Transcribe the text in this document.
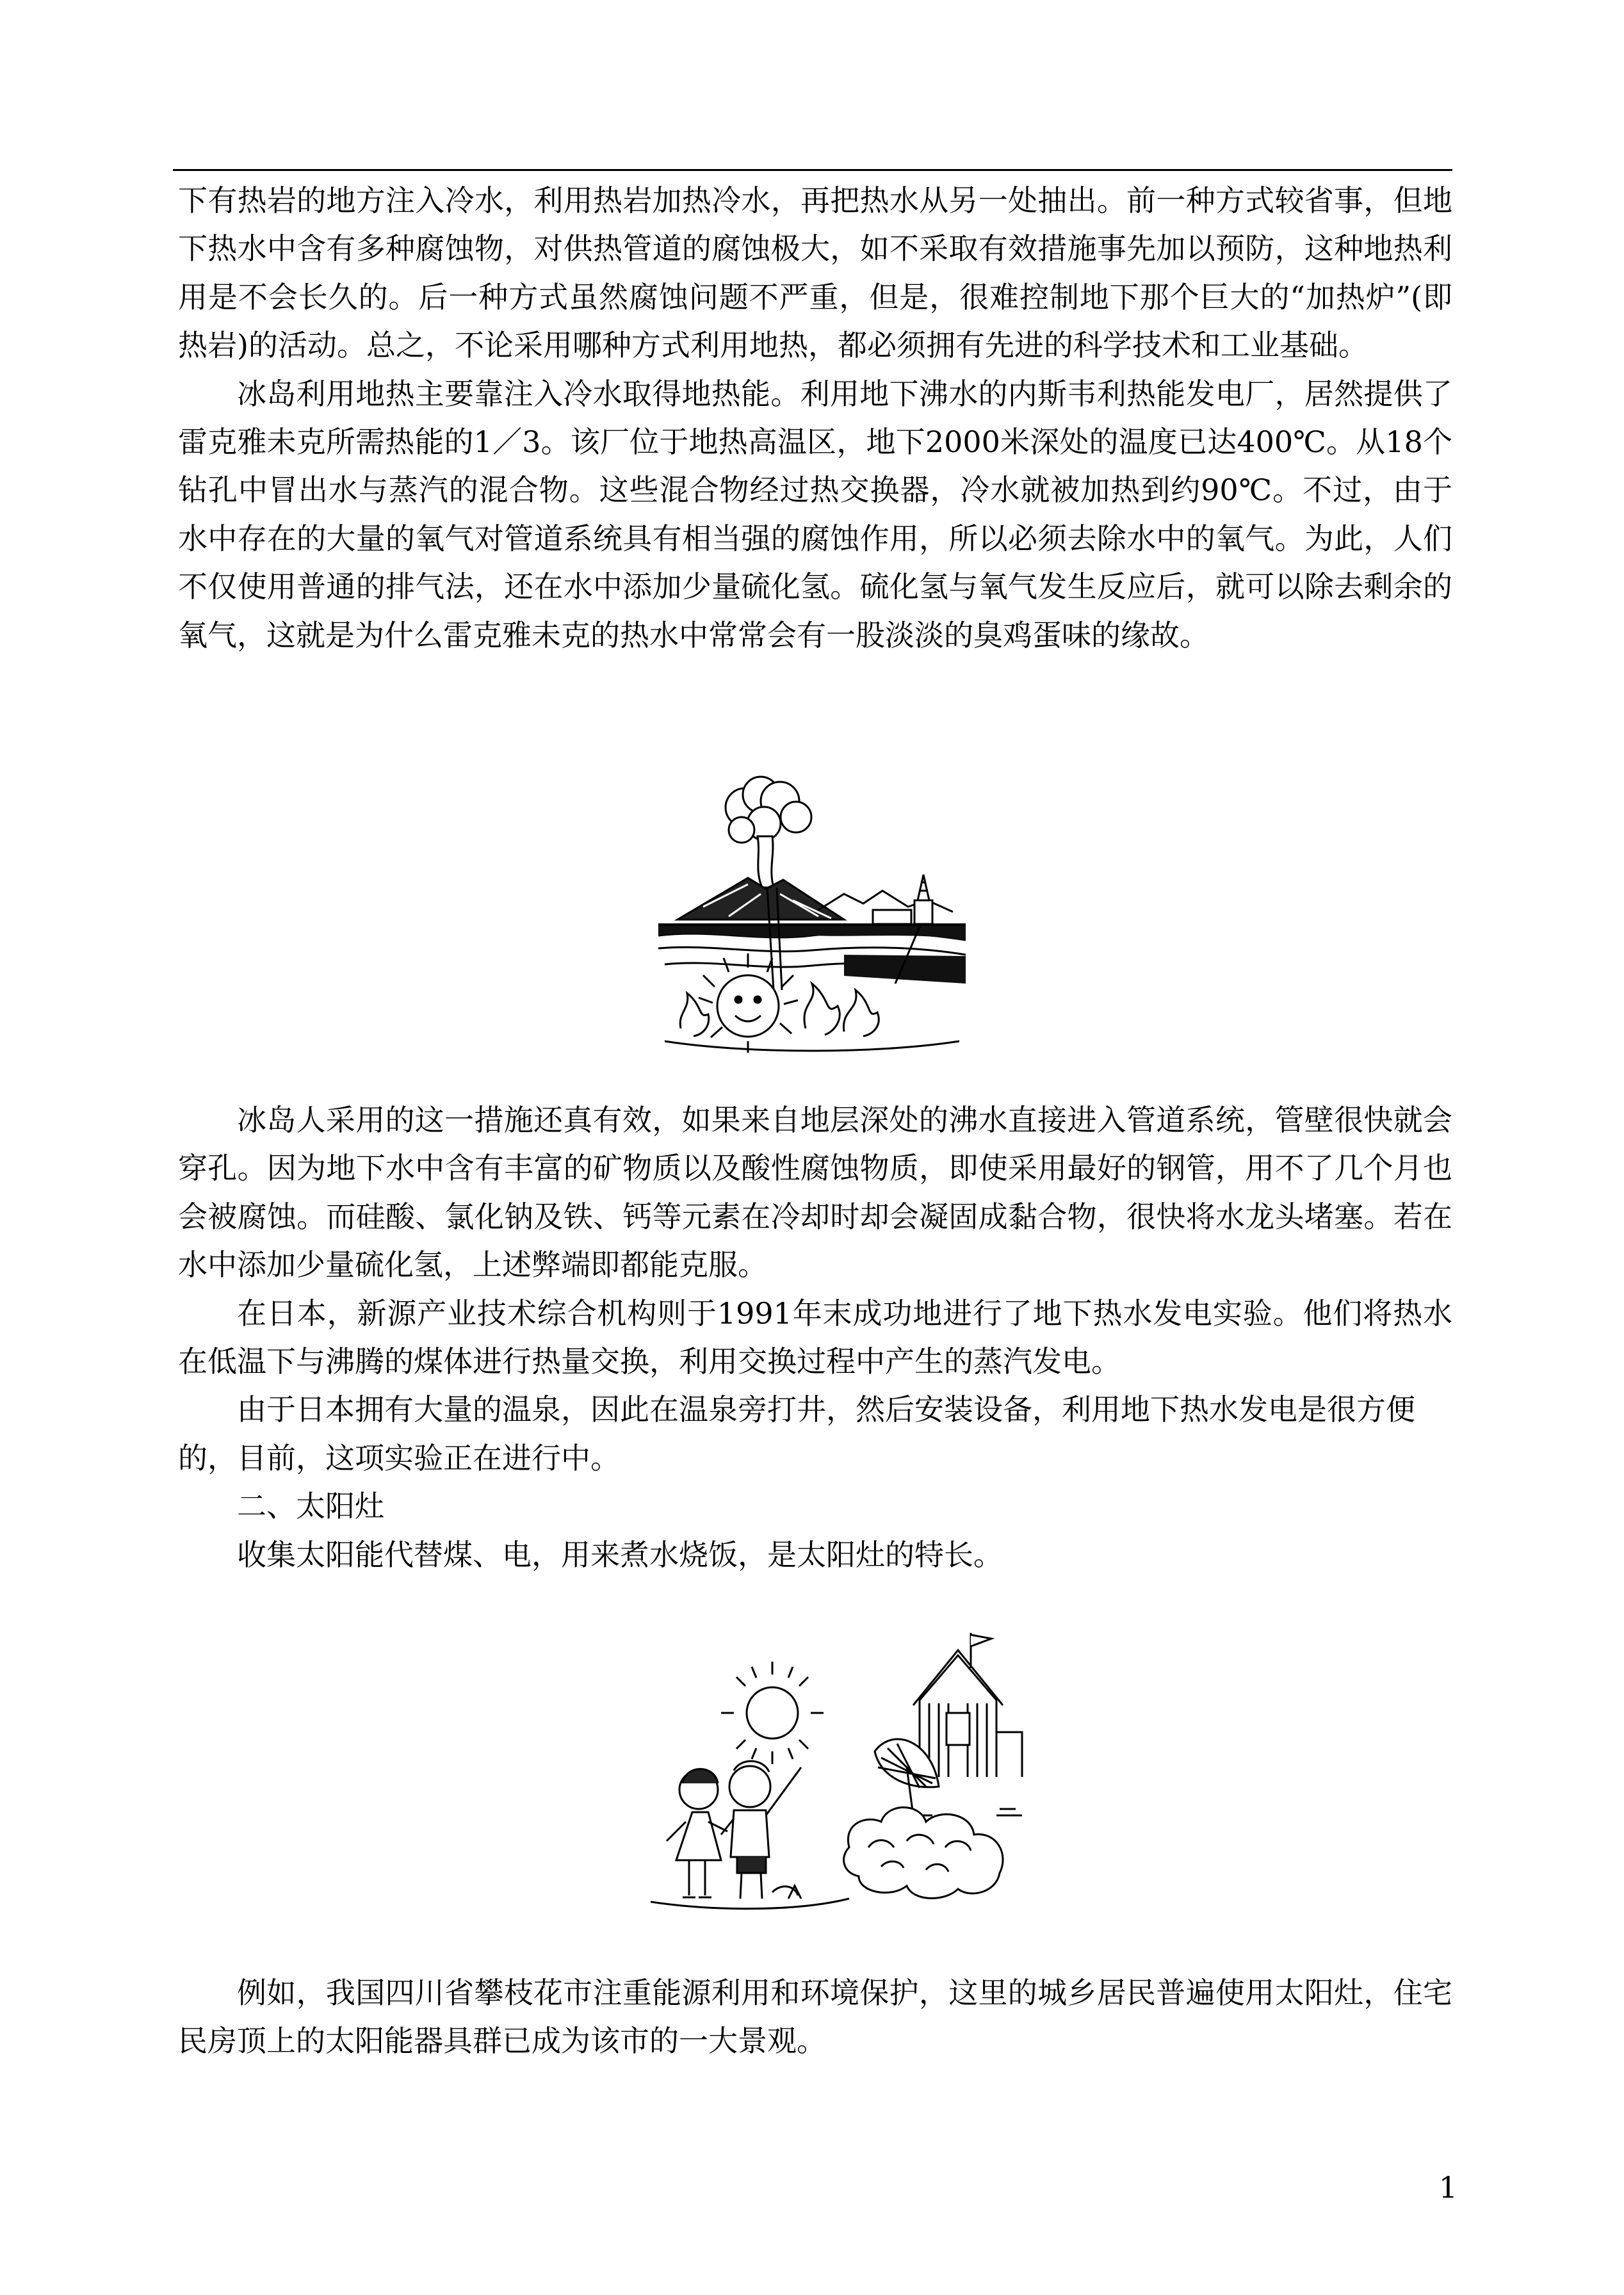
下有热岩的地方注入冷水，利用热岩加热冷水，再把热水从另一处抽出。前一种方式较省事，但地下热水中含有多种腐蚀物，对供热管道的腐蚀极大，如不采取有效措施事先加以预防，这种地热利用是不会长久的。后一种方式虽然腐蚀问题不严重，但是，很难控制地下那个巨大的“加热炉”(即热岩)的活动。总之，不论采用哪种方式利用地热，都必须拥有先进的科学技术和工业基础。

冰岛利用地热主要靠注入冷水取得地热能。利用地下沸水的内斯韦利热能发电厂，居然提供了雷克雅未克所需热能的1／3。该厂位于地热高温区，地下2000米深处的温度已达400℃。从18个钻孔中冒出水与蒸汽的混合物。这些混合物经过热交换器，冷水就被加热到约90℃。不过，由于水中存在的大量的氧气对管道系统具有相当强的腐蚀作用，所以必须去除水中的氧气。为此，人们不仅使用普通的排气法，还在水中添加少量硫化氢。硫化氢与氧气发生反应后，就可以除去剩余的氧气，这就是为什么雷克雅未克的热水中常常会有一股淡淡的臭鸡蛋味的缘故。

冰岛人采用的这一措施还真有效，如果来自地层深处的沸水直接进入管道系统，管壁很快就会穿孔。因为地下水中含有丰富的矿物质以及酸性腐蚀物质，即使采用最好的钢管，用不了几个月也会被腐蚀。而硅酸、氯化钠及铁、钙等元素在冷却时却会凝固成黏合物，很快将水龙头堵塞。若在水中添加少量硫化氢，上述弊端即都能克服。

在日本，新源产业技术综合机构则于1991年末成功地进行了地下热水发电实验。他们将热水在低温下与沸腾的煤体进行热量交换，利用交换过程中产生的蒸汽发电。

由于日本拥有大量的温泉，因此在温泉旁打井，然后安装设备，利用地下热水发电是很方便的，目前，这项实验正在进行中。

二、太阳灶

收集太阳能代替煤、电，用来煮水烧饭，是太阳灶的特长。

例如，我国四川省攀枝花市注重能源利用和环境保护，这里的城乡居民普遍使用太阳灶，住宅民房顶上的太阳能器具群已成为该市的一大景观。

1
